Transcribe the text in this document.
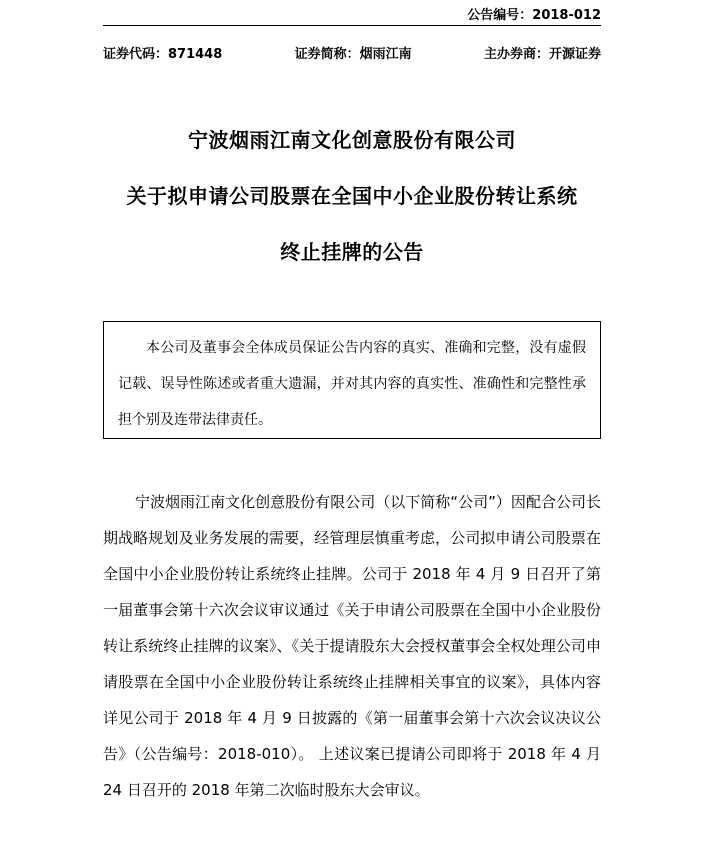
公告编号：2018-012
证券代码：871448	证券简称：烟雨江南	主办券商：开源证券
宁波烟雨江南文化创意股份有限公司
关于拟申请公司股票在全国中小企业股份转让系统
终止挂牌的公告

本公司及董事会全体成员保证公告内容的真实、准确和完整，没有虚假记载、误导性陈述或者重大遗漏，并对其内容的真实性、准确性和完整性承担个别及连带法律责任。

宁波烟雨江南文化创意股份有限公司（以下简称“公司”）因配合公司长期战略规划及业务发展的需要，经管理层慎重考虑，公司拟申请公司股票在全国中小企业股份转让系统终止挂牌。公司于 2018 年 4 月 9 日召开了第一届董事会第十六次会议审议通过《关于申请公司股票在全国中小企业股份转让系统终止挂牌的议案》、《关于提请股东大会授权董事会全权处理公司申请股票在全国中小企业股份转让系统终止挂牌相关事宜的议案》，具体内容详见公司于 2018 年 4 月 9 日披露的《第一届董事会第十六次会议决议公告》（公告编号：2018-010）。 上述议案已提请公司即将于 2018 年 4 月 24 日召开的 2018 年第二次临时股东大会审议。
